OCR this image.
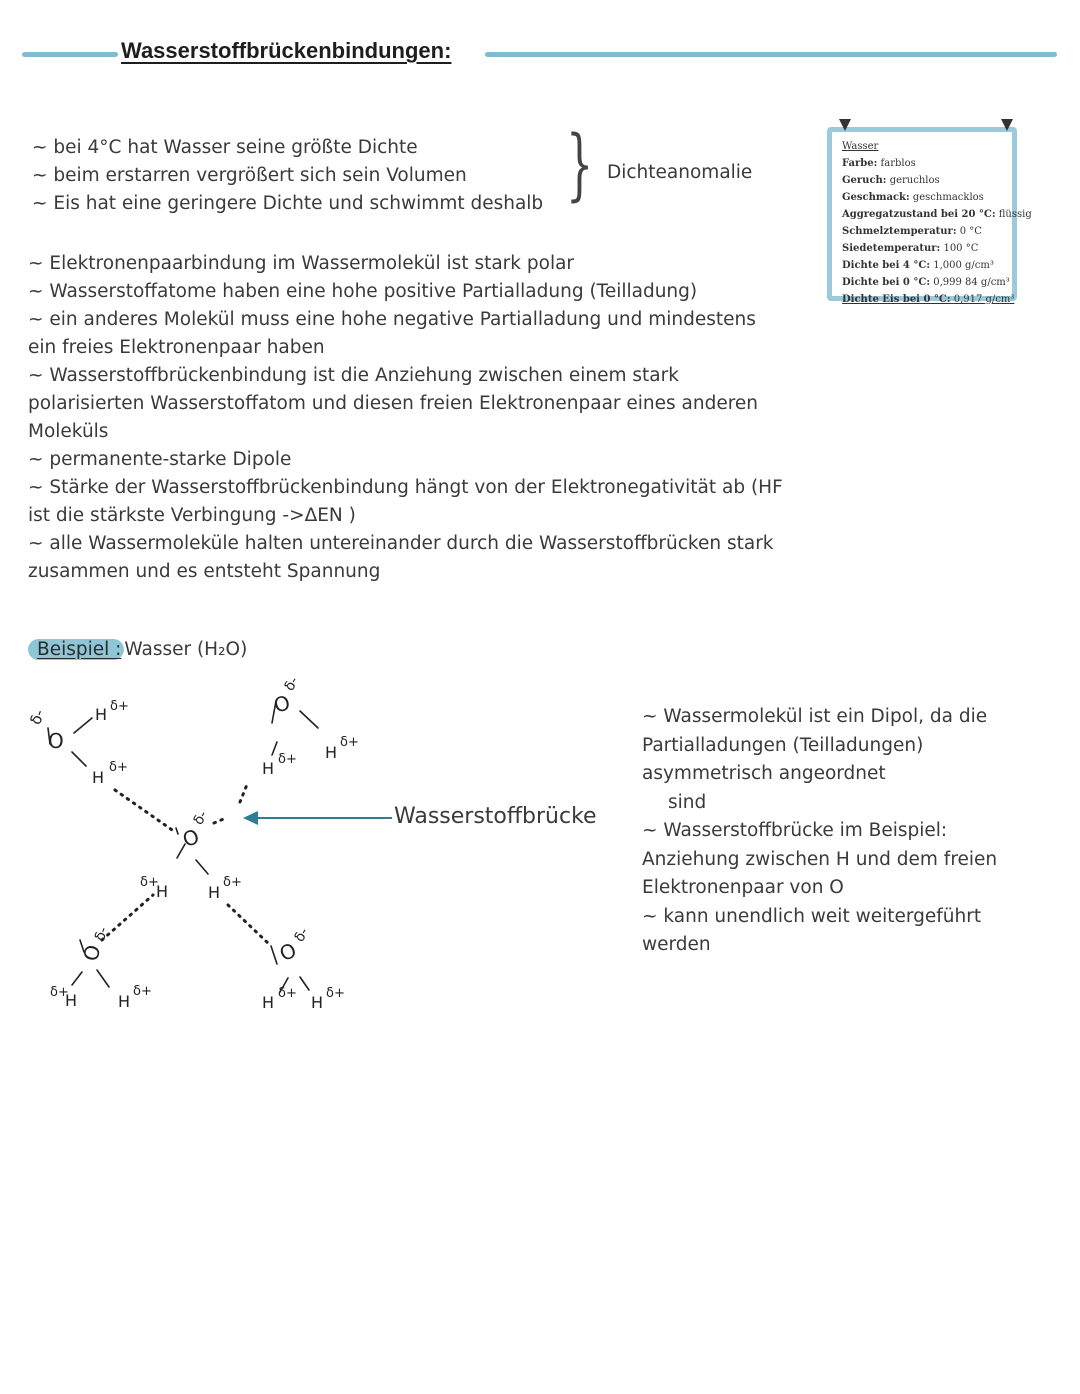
Wasserstoffbrückenbindungen:
~ bei 4°C hat Wasser seine größte Dichte
~ beim erstarren vergrößert sich sein Volumen
~ Eis hat eine geringere Dichte und schwimmt deshalb } Dichteanomalie
Wasser
Farbe: farblos
Geruch: geruchlos
Geschmack: geschmacklos
Aggregatzustand bei 20 °C: flüssig
Schmelztemperatur: 0 °C
Siedetemperatur: 100 °C
Dichte bei 4 °C: 1,000 g/cm³
Dichte bei 0 °C: 0,999 84 g/cm³
Dichte Eis bei 0 °C: 0,917 g/cm³
~ Elektronenpaarbindung im Wassermolekül ist stark polar
~ Wasserstoffatome haben eine hohe positive Partialladung (Teilladung)
~ ein anderes Molekül muss eine hohe negative Partialladung und mindestens
ein freies Elektronenpaar haben
~ Wasserstoffbrückenbindung ist die Anziehung zwischen einem stark
polarisierten Wasserstoffatom und diesen freien Elektronenpaar eines anderen
Moleküls
~ permanente-starke Dipole
~ Stärke der Wasserstoffbrückenbindung hängt von der Elektronegativität ab (HF
ist die stärkste Verbingung ->ΔEN )
~ alle Wassermoleküle halten untereinander durch die Wasserstoffbrücken stark
zusammen und es entsteht Spannung
Beispiel : Wasser (H₂O)
O
δ-	H δ+
H
δ+
O
δ-
H δ+ H
δ+
O
δ-
δ+
H H
δ+
O
δ-
δ+
H	H
δ+
O
δ-
H δ+ H δ+
Wasserstoffbrücke
~ Wassermolekül ist ein Dipol, da die
Partialladungen (Teilladungen)
asymmetrisch angeordnet
sind
~ Wasserstoffbrücke im Beispiel:
Anziehung zwischen H und dem freien
Elektronenpaar von O
~ kann unendlich weit weitergeführt
werden
